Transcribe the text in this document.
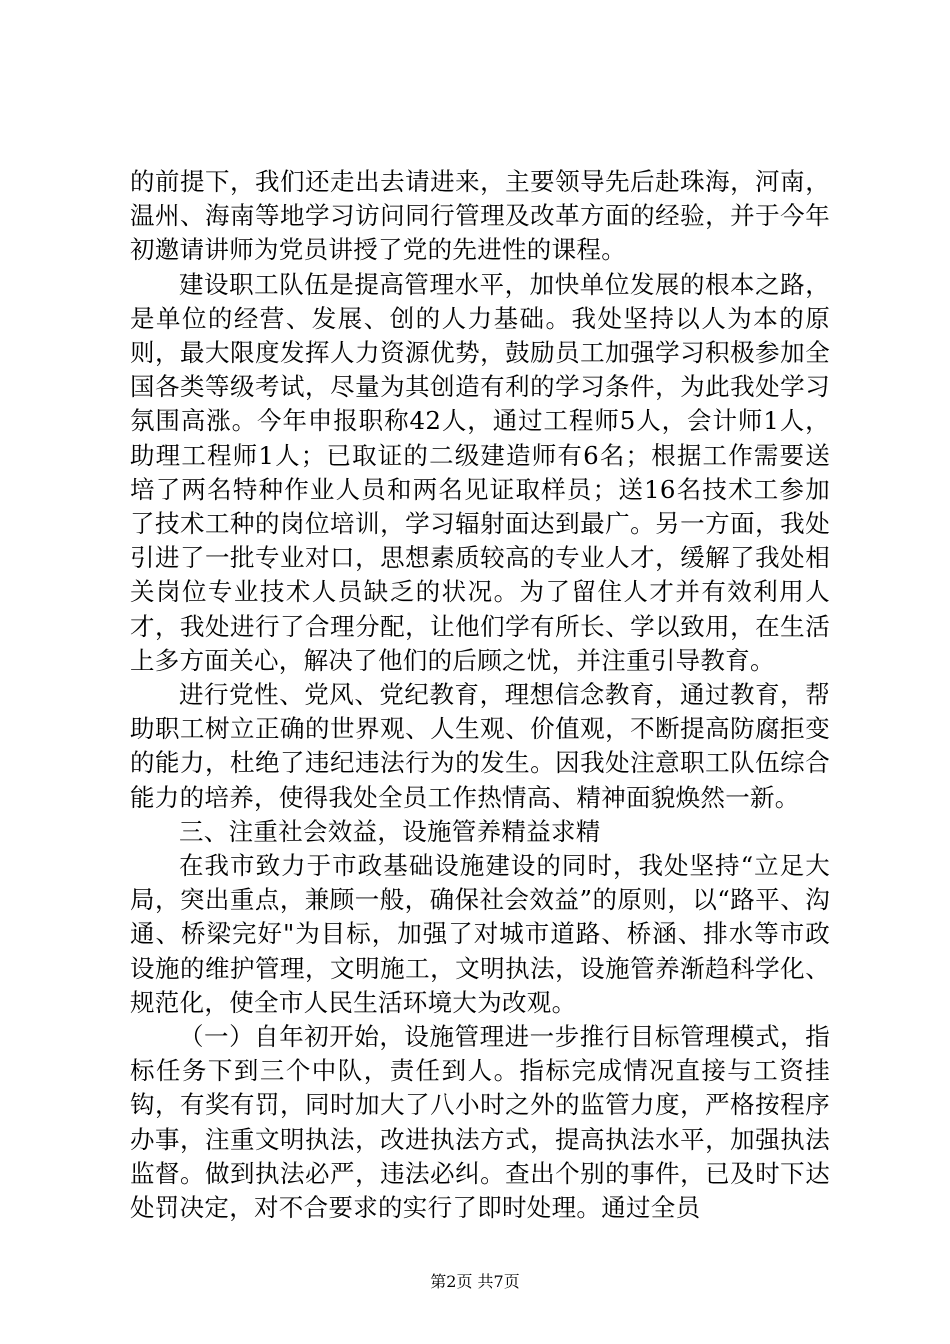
的前提下，我们还走出去请进来，主要领导先后赴珠海，河南，温州、海南等地学习访问同行管理及改革方面的经验，并于今年初邀请讲师为党员讲授了党的先进性的课程。

建设职工队伍是提高管理水平，加快单位发展的根本之路，是单位的经营、发展、创的人力基础。我处坚持以人为本的原则，最大限度发挥人力资源优势，鼓励员工加强学习积极参加全国各类等级考试，尽量为其创造有利的学习条件，为此我处学习氛围高涨。今年申报职称42人，通过工程师5人，会计师1人，助理工程师1人；已取证的二级建造师有6名；根据工作需要送培了两名特种作业人员和两名见证取样员；送16名技术工参加了技术工种的岗位培训，学习辐射面达到最广。另一方面，我处引进了一批专业对口，思想素质较高的专业人才，缓解了我处相关岗位专业技术人员缺乏的状况。为了留住人才并有效利用人才，我处进行了合理分配，让他们学有所长、学以致用，在生活上多方面关心，解决了他们的后顾之忧，并注重引导教育。

进行党性、党风、党纪教育，理想信念教育，通过教育，帮助职工树立正确的世界观、人生观、价值观，不断提高防腐拒变的能力，杜绝了违纪违法行为的发生。因我处注意职工队伍综合能力的培养，使得我处全员工作热情高、精神面貌焕然一新。

三、注重社会效益，设施管养精益求精

在我市致力于市政基础设施建设的同时，我处坚持“立足大局，突出重点，兼顾一般，确保社会效益”的原则，以“路平、沟通、桥梁完好"为目标，加强了对城市道路、桥涵、排水等市政设施的维护管理，文明施工，文明执法，设施管养渐趋科学化、规范化，使全市人民生活环境大为改观。

（一）自年初开始，设施管理进一步推行目标管理模式，指标任务下到三个中队，责任到人。指标完成情况直接与工资挂钩，有奖有罚，同时加大了八小时之外的监管力度，严格按程序办事，注重文明执法，改进执法方式，提高执法水平，加强执法监督。做到执法必严，违法必纠。查出个别的事件，已及时下达处罚决定，对不合要求的实行了即时处理。通过全员

第2页 共7页
